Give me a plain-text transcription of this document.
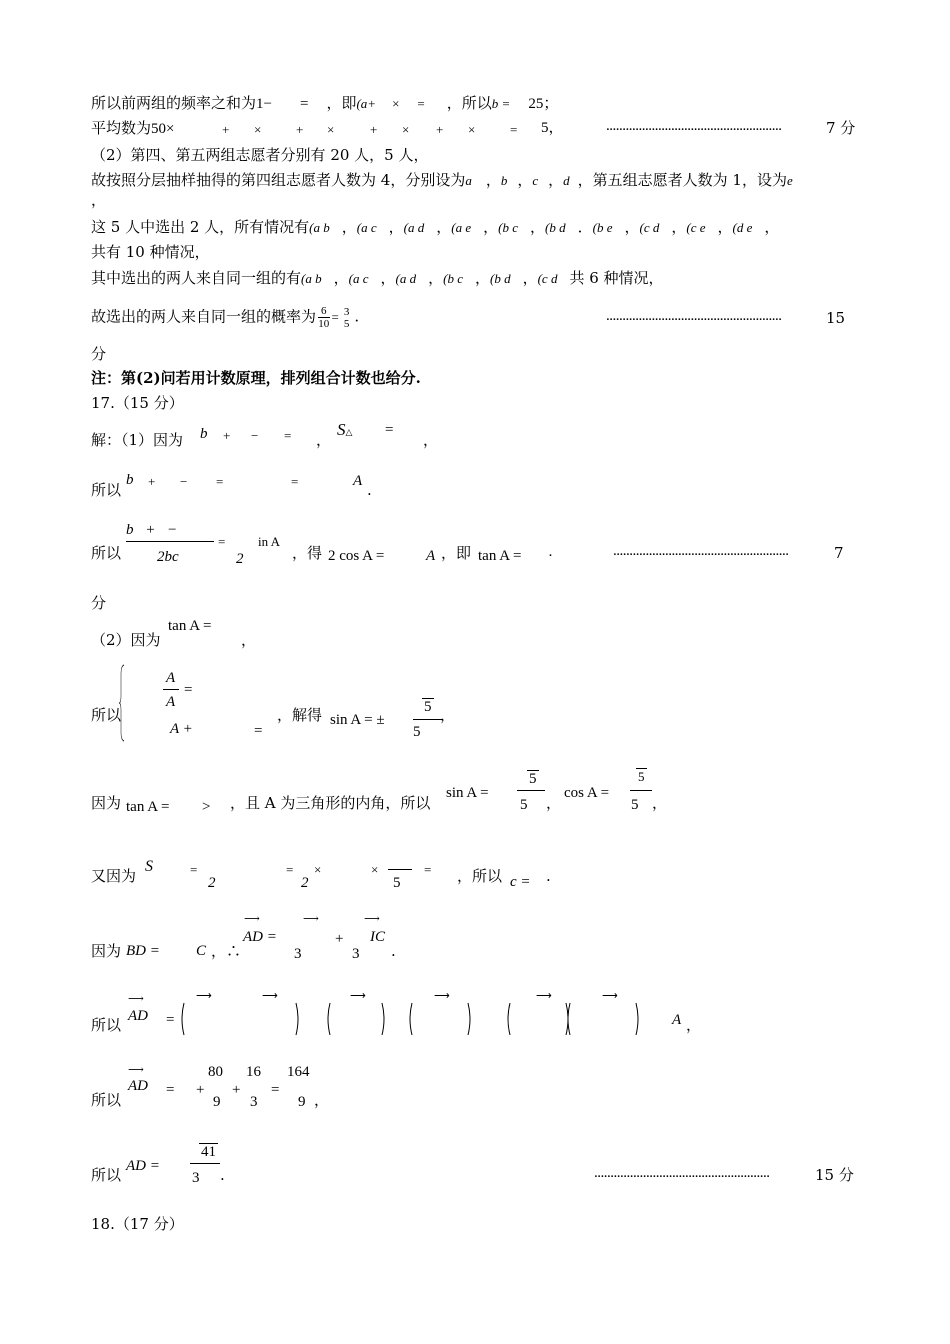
所以前两组的频率之和为1− = ，即(a+ × = ，所以b = 25；
平均数为50×	+ ×	+ ×	+ × + ×	= 5，	......................................................	7 分
（2）第四、第五两组志愿者分别有 20 人，5 人，
故按照分层抽样抽得的第四组志愿者人数为 4，分别设为a ，b ，c ，d ，第五组志愿者人数为 1，设为e
，
这 5 人中选出 2 人，所有情况有(a b ，(a c ，(a d ，(a e ，(b c ，(b d ．(b e ，(c d ，(c e ，(d e ，
共有 10 种情况，
其中选出的两人来自同一组的有(a b ，(a c ，(a d ，(b c ，(b d ，(c d 共 6 种情况，
故选出的两人来自同一组的概率为 $\frac{6}{10} = 3$
5 .	......................................................	15
分
注：第(2)问若用计数原理，排列组合计数也给分.
17.（15 分）
解：（1）因为 b + − = ，
S△ =
，
所以
b + − =	=	A .
所以
b + −
2bc
=
2
in A
，得 2 cos A =	A ，即 tan A = ·	......................................................	7
分
（2）因为
tan A =
，
所以
A
A
=
A +	=
，解得 sin A = ±
5
5
，
因为 tan A = > ，且 A 为三角形的内角，所以
sin A =
5
5 ，
cos A =
5
5 ，
又因为
S	=
2
=
2
×	×
5
= ，所以 c = .
因为 BD = C ，∴
⟶
AD =
⟶
3
+
⟶
3
IC
.
所以
⟶
AD =
⟶	⟶	⟶	⟶	⟶	⟶
A ，
所以
⟶
AD = +
80
9
+
16
3
=
164
9 ，
所以 AD =
41
3 .	......................................................	15 分
18.（17 分）
